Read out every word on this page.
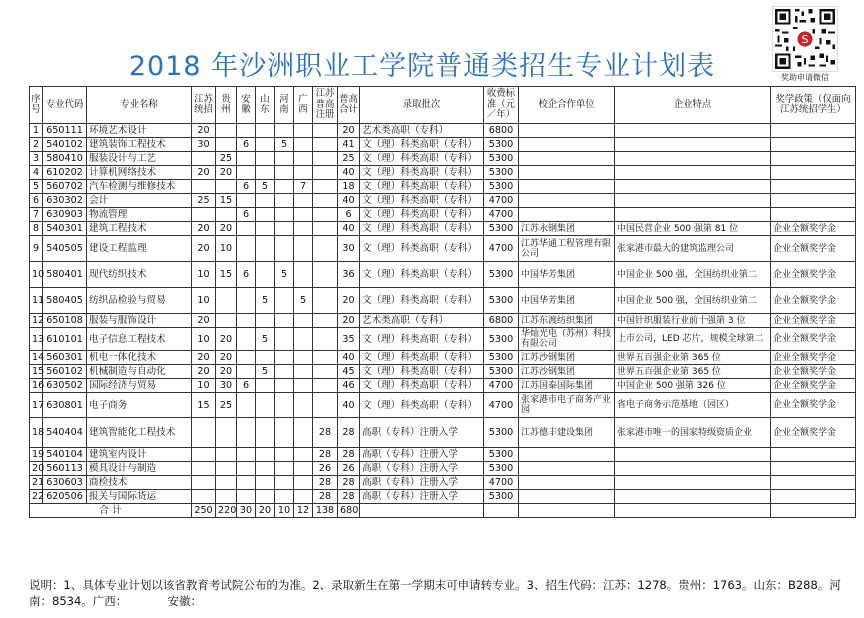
2018 年沙洲职业工学院普通类招生专业计划表
S
奖助申请微信
序号	专业代码	专业名称	江苏统招	贵州	安徽	山东	河南	广西	江苏普高注册	普高合计	录取批次	收费标准（元／年）	校企合作单位	企业特点	奖学政策（仅面向江苏统招学生）
1	650111	环境艺术设计	20							20	艺术类高职（专科）	6800			
2	540102	建筑装饰工程技术	30		6		5			41	文（理）科类高职（专科）	5300			
3	580410	服装设计与工艺		25						25	文（理）科类高职（专科）	5300			
4	610202	计算机网络技术	20	20						40	文（理）科类高职（专科）	5300			
5	560702	汽车检测与维修技术			6	5		7		18	文（理）科类高职（专科）	5300			
6	630302	会计	25	15						40	文（理）科类高职（专科）	4700			
7	630903	物流管理			6					6	文（理）科类高职（专科）	4700			
8	540301	建筑工程技术	20	20						40	文（理）科类高职（专科）	5300	江苏永钢集团	中国民营企业 500 强第 81 位	企业全额奖学金
9	540505	建设工程监理	20	10						30	文（理）科类高职（专科）	4700	江苏华通工程管理有限公司	张家港市最大的建筑监理公司	企业全额奖学金
10	580401	现代纺织技术	10	15	6		5			36	文（理）科类高职（专科）	5300	中国华芳集团	中国企业 500 强，全国纺织业第二	企业全额奖学金
11	580405	纺织品检验与贸易	10			5		5		20	文（理）科类高职（专科）	5300	中国华芳集团	中国企业 500 强，全国纺织业第二	企业全额奖学金
12	650108	服装与服饰设计	20							20	艺术类高职（专科）	6800	江苏东渡纺织集团	中国针织服装行业前十强第 3 位	企业全额奖学金
13	610101	电子信息工程技术	10	20		5				35	文（理）科类高职（专科）	5300	华灿光电（苏州）科技有限公司	上市公司，LED 芯片，规模全球第二	企业全额奖学金
14	560301	机电一体化技术	20	20						40	文（理）科类高职（专科）	5300	江苏沙钢集团	世界五百强企业第 365 位	企业全额奖学金
15	560102	机械制造与自动化	20	20		5				45	文（理）科类高职（专科）	5300	江苏沙钢集团	世界五百强企业第 365 位	企业全额奖学金
16	630502	国际经济与贸易	10	30	6					46	文（理）科类高职（专科）	4700	江苏国泰国际集团	中国企业 500 强第 326 位	企业全额奖学金
17	630801	电子商务	15	25						40	文（理）科类高职（专科）	4700	张家港市电子商务产业园	省电子商务示范基地（园区）	企业全额奖学金
18	540404	建筑智能化工程技术							28	28	高职（专科）注册入学	5300	江苏德丰建设集团	张家港市唯一的国家特级资质企业	企业全额奖学金
19	540104	建筑室内设计							28	28	高职（专科）注册入学	5300			
20	560113	模具设计与制造							26	26	高职（专科）注册入学	5300			
21	630603	商检技术							28	28	高职（专科）注册入学	4700			
22	620506	报关与国际货运							28	28	高职（专科）注册入学	5300			
合 计			250	220	30	20	10	12	138	680					
说明：1、具体专业计划以该省教育考试院公布的为准。2、录取新生在第一学期末可申请转专业。3、招生代码：江苏：1278。贵州：1763。山东：B288。河南：8534。广西：　　　　安徽：
